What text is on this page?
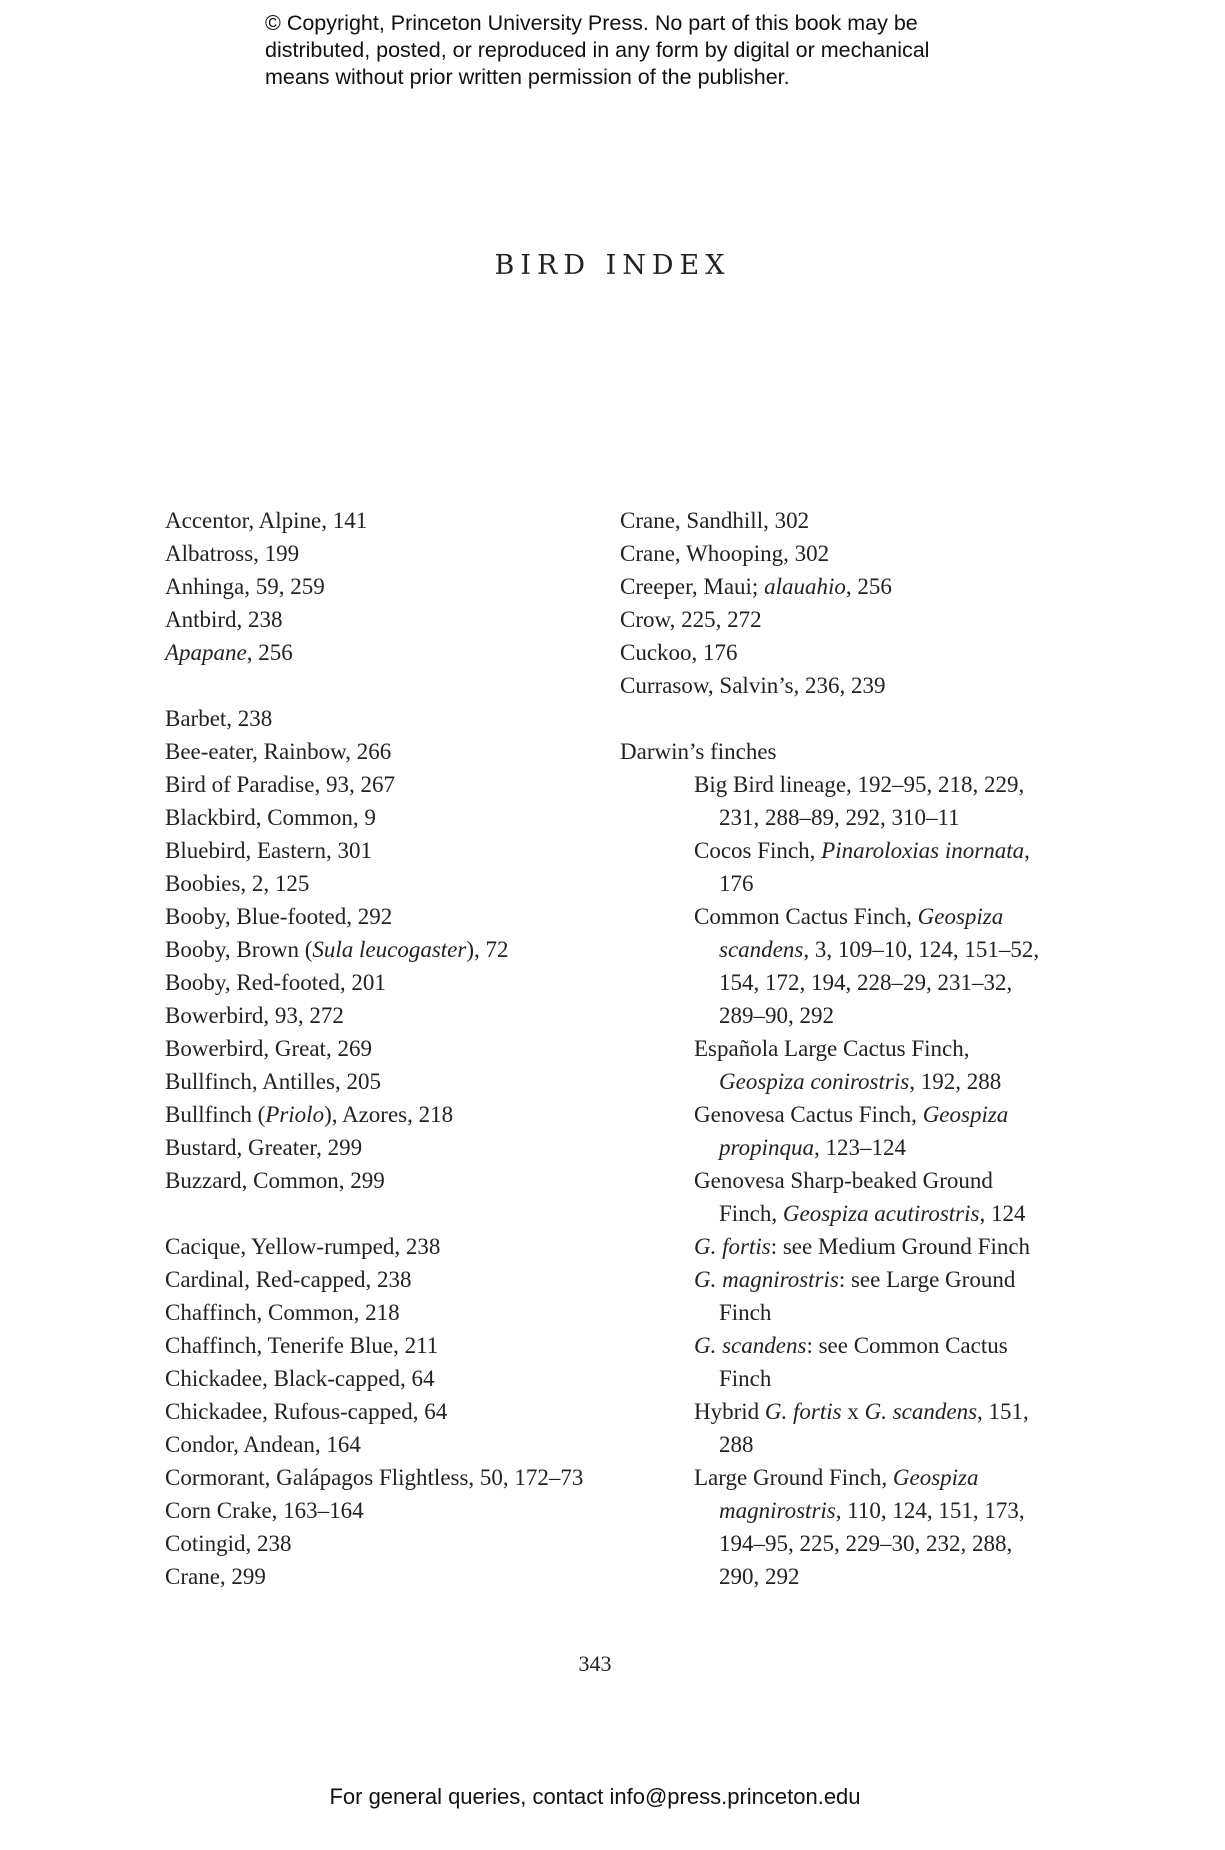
© Copyright, Princeton University Press. No part of this book may be
distributed, posted, or reproduced in any form by digital or mechanical
means without prior written permission of the publisher.
BIRD INDEX
Accentor, Alpine, 141
Albatross, 199
Anhinga, 59, 259
Antbird, 238
Apapane, 256
Barbet, 238
Bee-eater, Rainbow, 266
Bird of Paradise, 93, 267
Blackbird, Common, 9
Bluebird, Eastern, 301
Boobies, 2, 125
Booby, Blue-footed, 292
Booby, Brown (Sula leucogaster), 72
Booby, Red-footed, 201
Bowerbird, 93, 272
Bowerbird, Great, 269
Bullfinch, Antilles, 205
Bullfinch (Priolo), Azores, 218
Bustard, Greater, 299
Buzzard, Common, 299
Cacique, Yellow-rumped, 238
Cardinal, Red-capped, 238
Chaffinch, Common, 218
Chaffinch, Tenerife Blue, 211
Chickadee, Black-capped, 64
Chickadee, Rufous-capped, 64
Condor, Andean, 164
Cormorant, Galápagos Flightless, 50, 172–73
Corn Crake, 163–164
Cotingid, 238
Crane, 299
Crane, Sandhill, 302
Crane, Whooping, 302
Creeper, Maui; alauahio, 256
Crow, 225, 272
Cuckoo, 176
Currasow, Salvin’s, 236, 239
Darwin’s finches
Big Bird lineage, 192–95, 218, 229,
231, 288–89, 292, 310–11
Cocos Finch, Pinaroloxias inornata,
176
Common Cactus Finch, Geospiza
scandens, 3, 109–10, 124, 151–52,
154, 172, 194, 228–29, 231–32,
289–90, 292
Española Large Cactus Finch,
Geospiza conirostris, 192, 288
Genovesa Cactus Finch, Geospiza
propinqua, 123–124
Genovesa Sharp-beaked Ground
Finch, Geospiza acutirostris, 124
G. fortis: see Medium Ground Finch
G. magnirostris: see Large Ground
Finch
G. scandens: see Common Cactus
Finch
Hybrid G. fortis x G. scandens, 151,
288
Large Ground Finch, Geospiza
magnirostris, 110, 124, 151, 173,
194–95, 225, 229–30, 232, 288,
290, 292
343
For general queries, contact info@press.princeton.edu
